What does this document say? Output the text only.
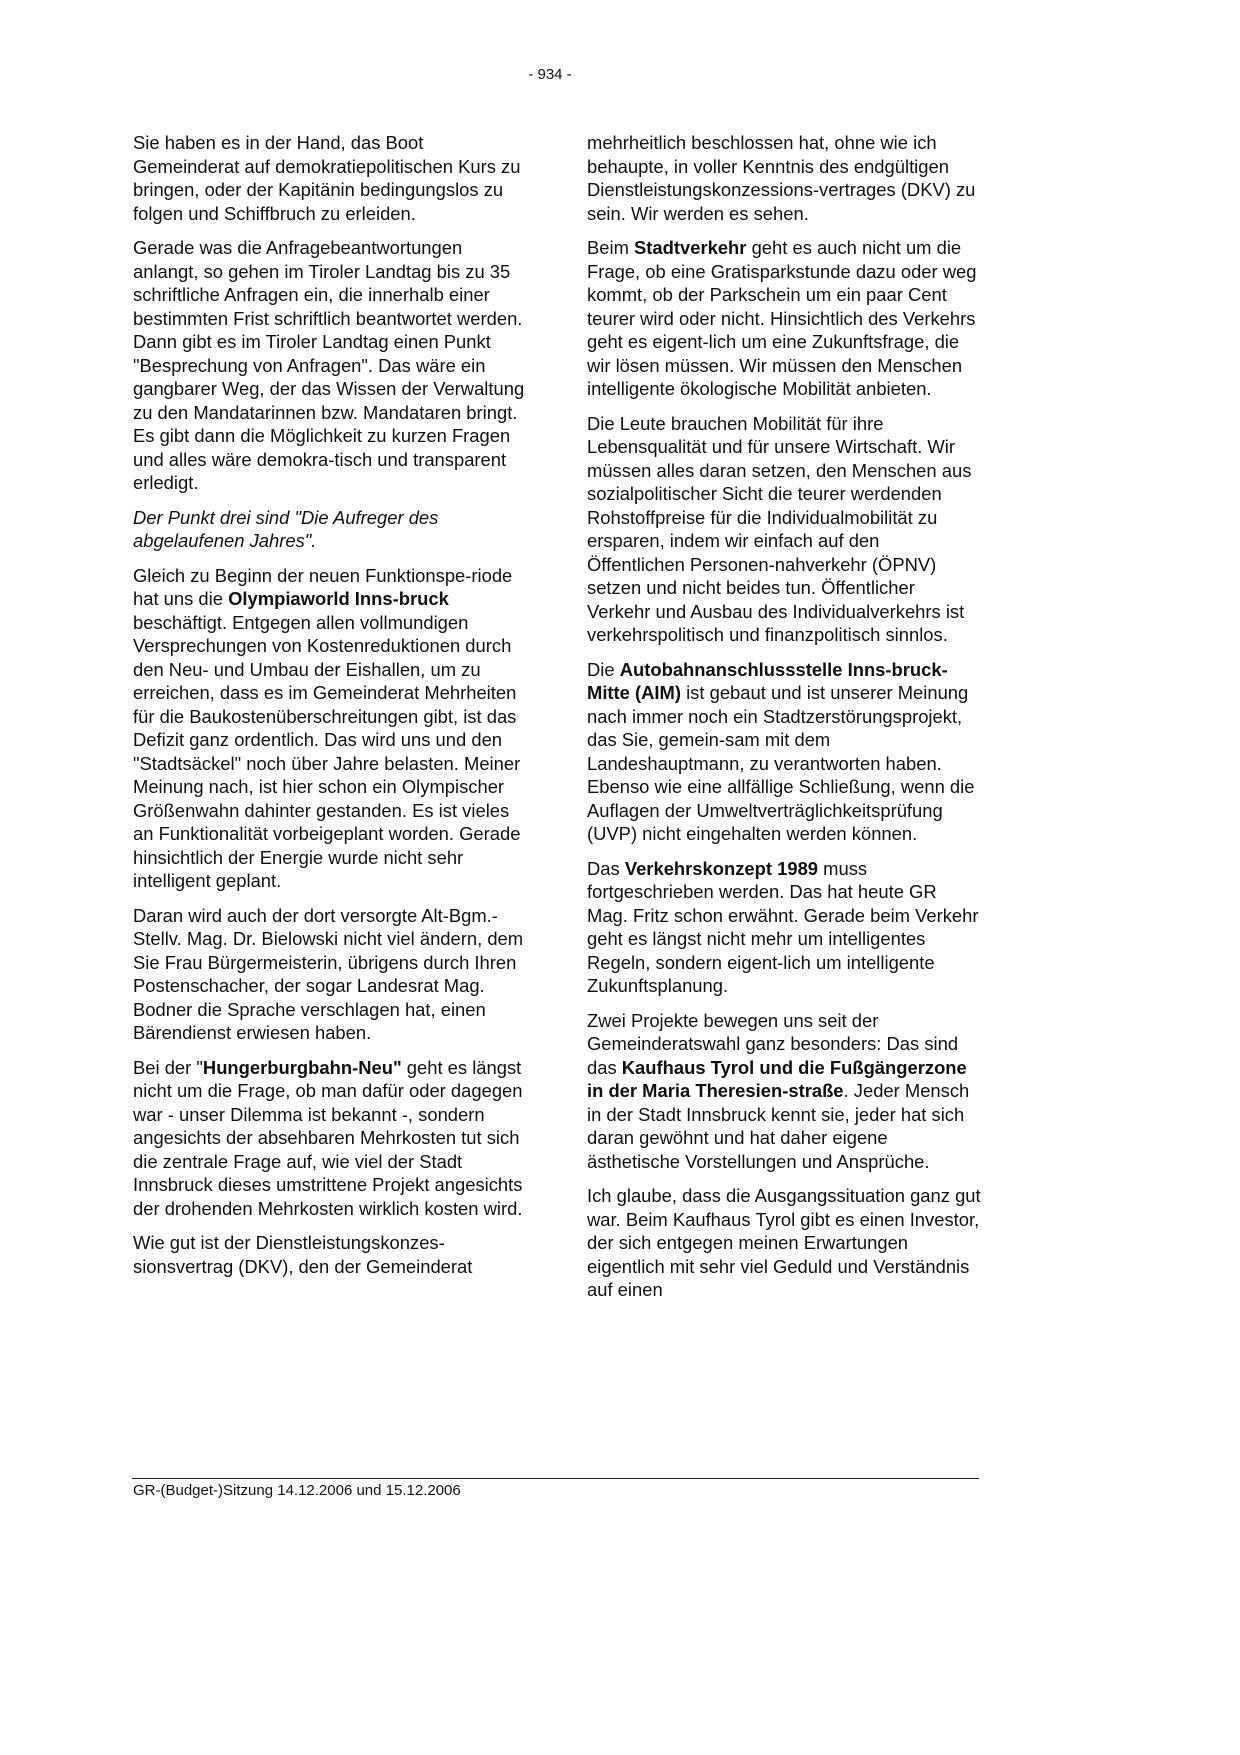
- 934 -

Sie haben es in der Hand, das Boot Gemeinderat auf demokratiepolitischen Kurs zu bringen, oder der Kapitänin bedingungslos zu folgen und Schiffbruch zu erleiden.

Gerade was die Anfragebeantwortungen anlangt, so gehen im Tiroler Landtag bis zu 35 schriftliche Anfragen ein, die innerhalb einer bestimmten Frist schriftlich beantwortet werden. Dann gibt es im Tiroler Landtag einen Punkt "Besprechung von Anfragen". Das wäre ein gangbarer Weg, der das Wissen der Verwaltung zu den Mandatarinnen bzw. Mandataren bringt. Es gibt dann die Möglichkeit zu kurzen Fragen und alles wäre demokra-tisch und transparent erledigt.

Der Punkt drei sind "Die Aufreger des abgelaufenen Jahres".

Gleich zu Beginn der neuen Funktionspe-riode hat uns die Olympiaworld Inns-bruck beschäftigt. Entgegen allen vollmundigen Versprechungen von Kostenreduktionen durch den Neu- und Umbau der Eishallen, um zu erreichen, dass es im Gemeinderat Mehrheiten für die Baukostenüberschreitungen gibt, ist das Defizit ganz ordentlich. Das wird uns und den "Stadtsäckel" noch über Jahre belasten. Meiner Meinung nach, ist hier schon ein Olympischer Größenwahn dahinter gestanden. Es ist vieles an Funktionalität vorbeigeplant worden. Gerade hinsichtlich der Energie wurde nicht sehr intelligent geplant.

Daran wird auch der dort versorgte Alt-Bgm.-Stellv. Mag. Dr. Bielowski nicht viel ändern, dem Sie Frau Bürgermeisterin, übrigens durch Ihren Postenschacher, der sogar Landesrat Mag. Bodner die Sprache verschlagen hat, einen Bärendienst erwiesen haben.

Bei der "Hungerburgbahn-Neu" geht es längst nicht um die Frage, ob man dafür oder dagegen war - unser Dilemma ist bekannt -, sondern angesichts der absehbaren Mehrkosten tut sich die zentrale Frage auf, wie viel der Stadt Innsbruck dieses umstrittene Projekt angesichts der drohenden Mehrkosten wirklich kosten wird.

Wie gut ist der Dienstleistungskonzes-sionsvertrag (DKV), den der Gemeinderat

mehrheitlich beschlossen hat, ohne wie ich behaupte, in voller Kenntnis des endgültigen Dienstleistungskonzessions-vertrages (DKV) zu sein. Wir werden es sehen.

Beim Stadtverkehr geht es auch nicht um die Frage, ob eine Gratisparkstunde dazu oder weg kommt, ob der Parkschein um ein paar Cent teurer wird oder nicht. Hinsichtlich des Verkehrs geht es eigent-lich um eine Zukunftsfrage, die wir lösen müssen. Wir müssen den Menschen intelligente ökologische Mobilität anbieten.

Die Leute brauchen Mobilität für ihre Lebensqualität und für unsere Wirtschaft. Wir müssen alles daran setzen, den Menschen aus sozialpolitischer Sicht die teurer werdenden Rohstoffpreise für die Individualmobilität zu ersparen, indem wir einfach auf den Öffentlichen Personen-nahverkehr (ÖPNV) setzen und nicht beides tun. Öffentlicher Verkehr und Ausbau des Individualverkehrs ist verkehrspolitisch und finanzpolitisch sinnlos.

Die Autobahnanschlussstelle Inns-bruck-Mitte (AIM) ist gebaut und ist unserer Meinung nach immer noch ein Stadtzerstörungsprojekt, das Sie, gemein-sam mit dem Landeshauptmann, zu verantworten haben. Ebenso wie eine allfällige Schließung, wenn die Auflagen der Umweltverträglichkeitsprüfung (UVP) nicht eingehalten werden können.

Das Verkehrskonzept 1989 muss fortgeschrieben werden. Das hat heute GR Mag. Fritz schon erwähnt. Gerade beim Verkehr geht es längst nicht mehr um intelligentes Regeln, sondern eigent-lich um intelligente Zukunftsplanung.

Zwei Projekte bewegen uns seit der Gemeinderatswahl ganz besonders: Das sind das Kaufhaus Tyrol und die Fußgängerzone in der Maria Theresien-straße. Jeder Mensch in der Stadt Innsbruck kennt sie, jeder hat sich daran gewöhnt und hat daher eigene ästhetische Vorstellungen und Ansprüche.

Ich glaube, dass die Ausgangssituation ganz gut war. Beim Kaufhaus Tyrol gibt es einen Investor, der sich entgegen meinen Erwartungen eigentlich mit sehr viel Geduld und Verständnis auf einen

GR-(Budget-)Sitzung 14.12.2006 und 15.12.2006
